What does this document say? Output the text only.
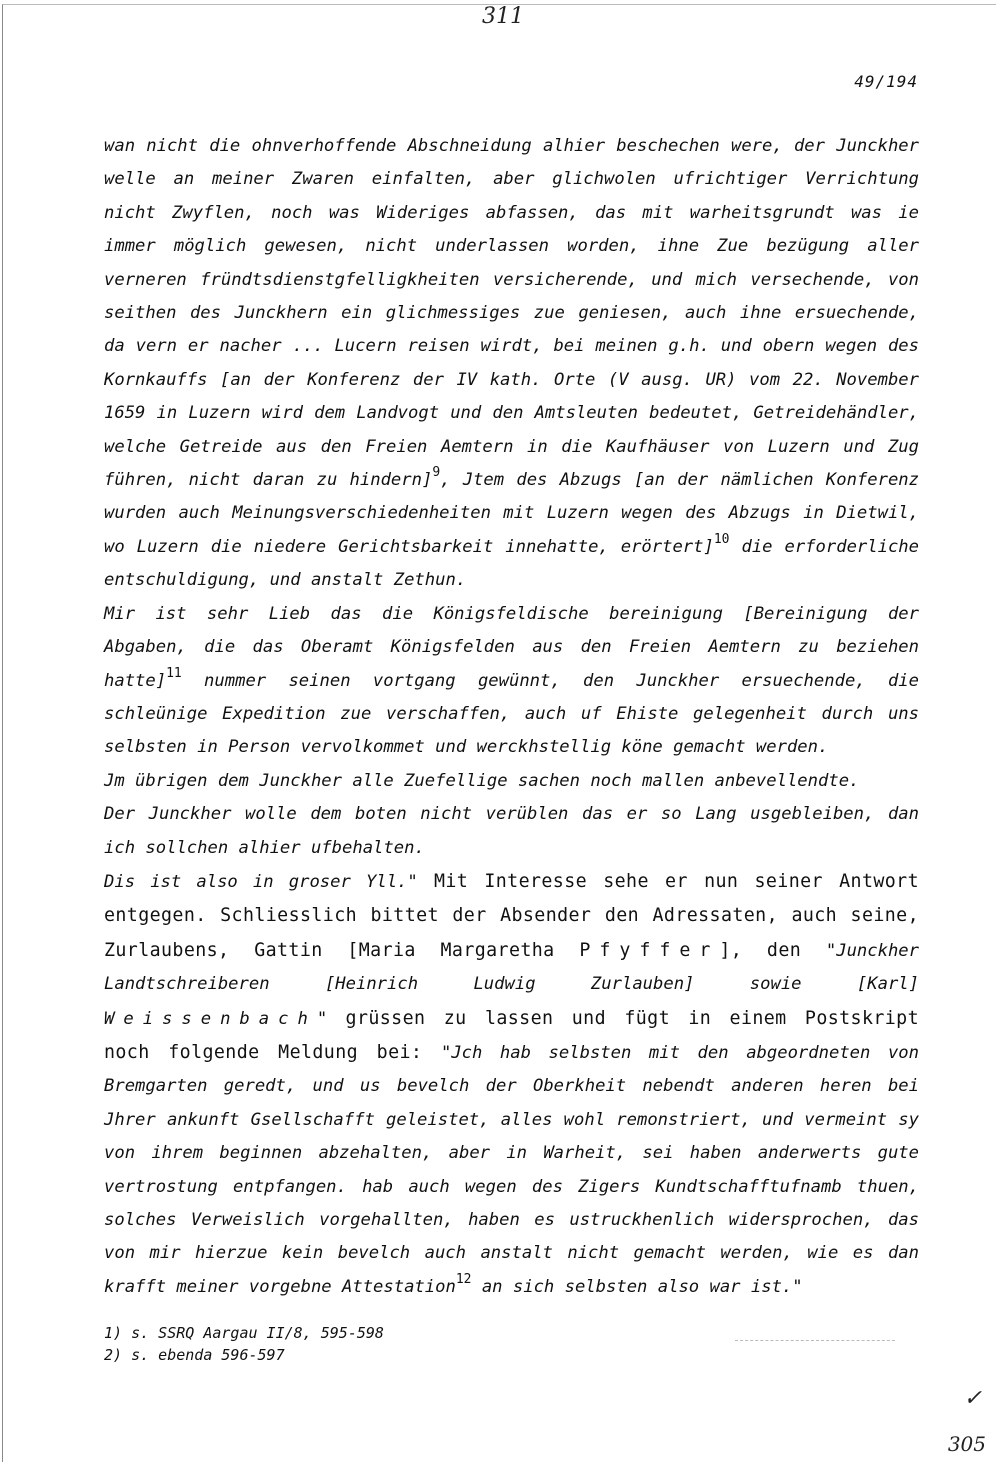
311
49/194

wan nicht die ohnverhoffende Abschneidung alhier beschechen were, der Junckher welle an meiner Zwaren einfalten, aber glichwolen ufrichtiger Verrichtung nicht Zwyflen, noch was Wideriges abfassen, das mit warheitsgrundt was ie immer möglich gewesen, nicht underlassen worden, ihne Zue bezügung aller verneren fründtsdienstgfelligkheiten versicherende, und mich versechende, von seithen des Junckhern ein glichmessiges zue geniesen, auch ihne ersuechende, da vern er nacher ... Lucern reisen wirdt, bei meinen g.h. und obern wegen des Kornkauffs [an der Konferenz der IV kath. Orte (V ausg. UR) vom 22. November 1659 in Luzern wird dem Landvogt und den Amtsleuten bedeutet, Getreidehändler, welche Getreide aus den Freien Aemtern in die Kaufhäuser von Luzern und Zug führen, nicht daran zu hindern]$^9$, Jtem des Abzugs [an der nämlichen Konferenz wurden auch Meinungsverschiedenheiten mit Luzern wegen des Abzugs in Dietwil, wo Luzern die niedere Gerichtsbarkeit innehatte, erörtert]$^{10}$ die erforderliche entschuldigung, und anstalt Zethun.

Mir ist sehr Lieb das die Königsfeldische bereinigung [Bereinigung der Abgaben, die das Oberamt Königsfelden aus den Freien Aemtern zu beziehen hatte]$^{11}$ nummer seinen vortgang gewünnt, den Junckher ersuechende, die schleünige Expedition zue verschaffen, auch uf Ehiste gelegenheit durch uns selbsten in Person vervolkommet und werckhstellig köne gemacht werden.

Jm übrigen dem Junckher alle Zuefellige sachen noch mallen anbevellendte.

Der Junckher wolle dem boten nicht verüblen das er so Lang usgebleiben, dan ich sollchen alhier ufbehalten.

Dis ist also in groser Yll." Mit Interesse sehe er nun seiner Antwort entgegen. Schliesslich bittet der Absender den Adressaten, auch seine, Zurlaubens, Gattin [Maria Margaretha Pfyffer], den "Junckher Landtschreiberen [Heinrich Ludwig Zurlauben] sowie [Karl] Weissenbach" grüssen zu lassen und fügt in einem Postskript noch folgende Meldung bei: "Jch hab selbsten mit den abgeordneten von Bremgarten geredt, und us bevelch der Oberkheit nebendt anderen heren bei Jhrer ankunft Gsellschafft geleistet, alles wohl remonstriert, und vermeint sy von ihrem beginnen abzehalten, aber in Warheit, sei haben anderwerts gute vertrostung entpfangen. hab auch wegen des Zigers Kundtschafftufnamb thuen, solches Verweislich vorgehallten, haben es ustruckhenlich widersprochen, das von mir hierzue kein bevelch auch anstalt nicht gemacht werden, wie es dan krafft meiner vorgebne Attestation$^{12}$ an sich selbsten also war ist."

1) s. SSRQ Aargau II/8, 595-598
2) s. ebenda 596-597
✓
305
